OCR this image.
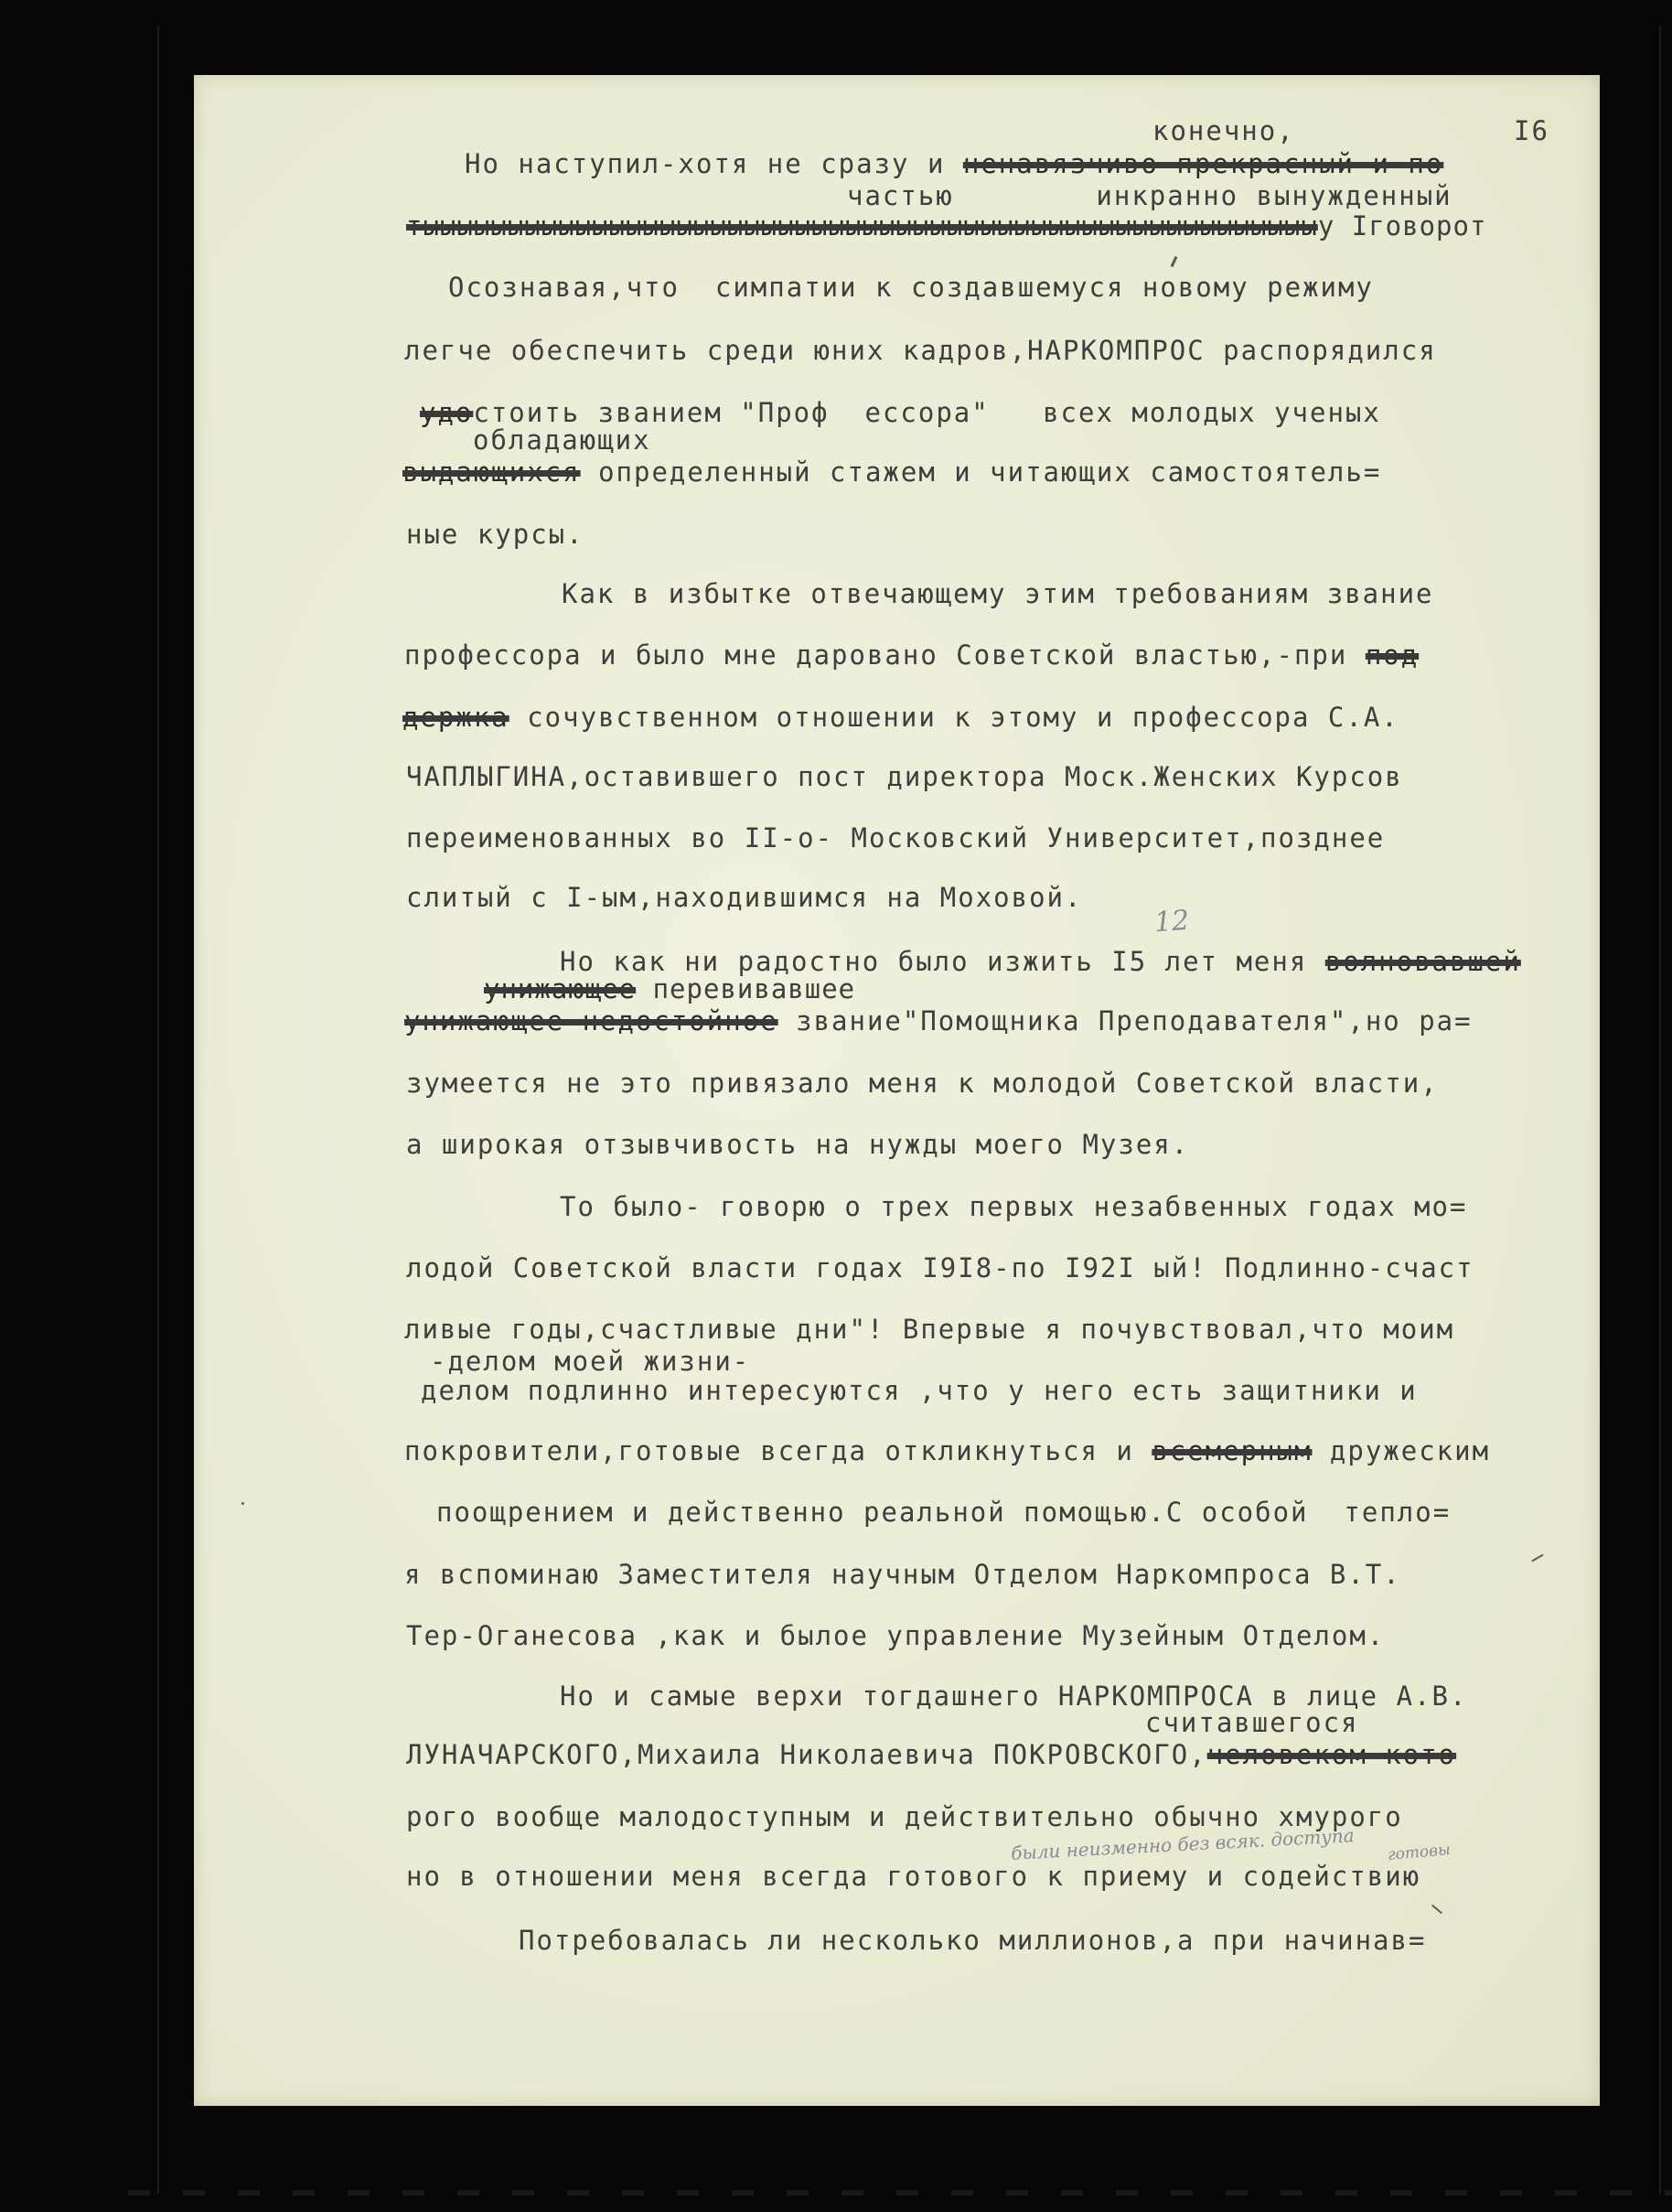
конечно,	I6
Но наступил-хотя не сразу и ненавязчиво-прекрасный и по
частью        инкранно вынужденный
тыыыыыыыыыыыыыыыыыыыыыыыыыыыыыыыыыыыыыыыыыыыыыыыыыыыыыу Iговорот
Осознавая,что  симпатии к создавшемуся новому режиму
легче обеспечить среди юних кадров,НАРКОМПРОС распорядился
удостоить званием "Проф  ессора"   всех молодых ученых
обладающих
выдающихся определенный стажем и читающих самостоятель=
ные курсы.
Как в избытке отвечающему этим требованиям звание
профессора и было мне даровано Советской властью,-при под
держка сочувственном отношении к этому и профессора С.А.
ЧАПЛЫГИНА,оставившего пост директора Моск.Женских Курсов
переименованных во II-о- Московский Университет,позднее
слитый с I-ым,находившимся на Моховой.
Но как ни радостно было изжить I5 лет меня волновавшей
унижающее перевивавшее
унижающее недостойное звание"Помощника Преподавателя",но ра=
зумеется не это привязало меня к молодой Советской власти,
а широкая отзывчивость на нужды моего Музея.
То было- говорю о трех первых незабвенных годах мо=
лодой Советской власти годах I9I8-по I92I ый! Подлинно-счаст
ливые годы,счастливые дни"! Впервые я почувствовал,что моим
-делом моей жизни-
делом подлинно интересуются ,что у него есть защитники и
покровители,готовые всегда откликнуться и всемерным дружеским
поощрением и действенно реальной помощью.С особой  тепло=
я вспоминаю Заместителя научным Отделом Наркомпроса В.Т.
Тер-Оганесова ,как и былое управление Музейным Отделом.
Но и самые верхи тогдашнего НАРКОМПРОСА в лице А.В.
считавшегося
ЛУНАЧАРСКОГО,Михаила Николаевича ПОКРОВСКОГО,человеком кото
рого вообще малодоступным и действительно обычно хмурого
но в отношении меня всегда готового к приему и содействию
Потребовалась ли несколько миллионов,а при начинав=
12
были неизменно без всяк. доступа готовы
